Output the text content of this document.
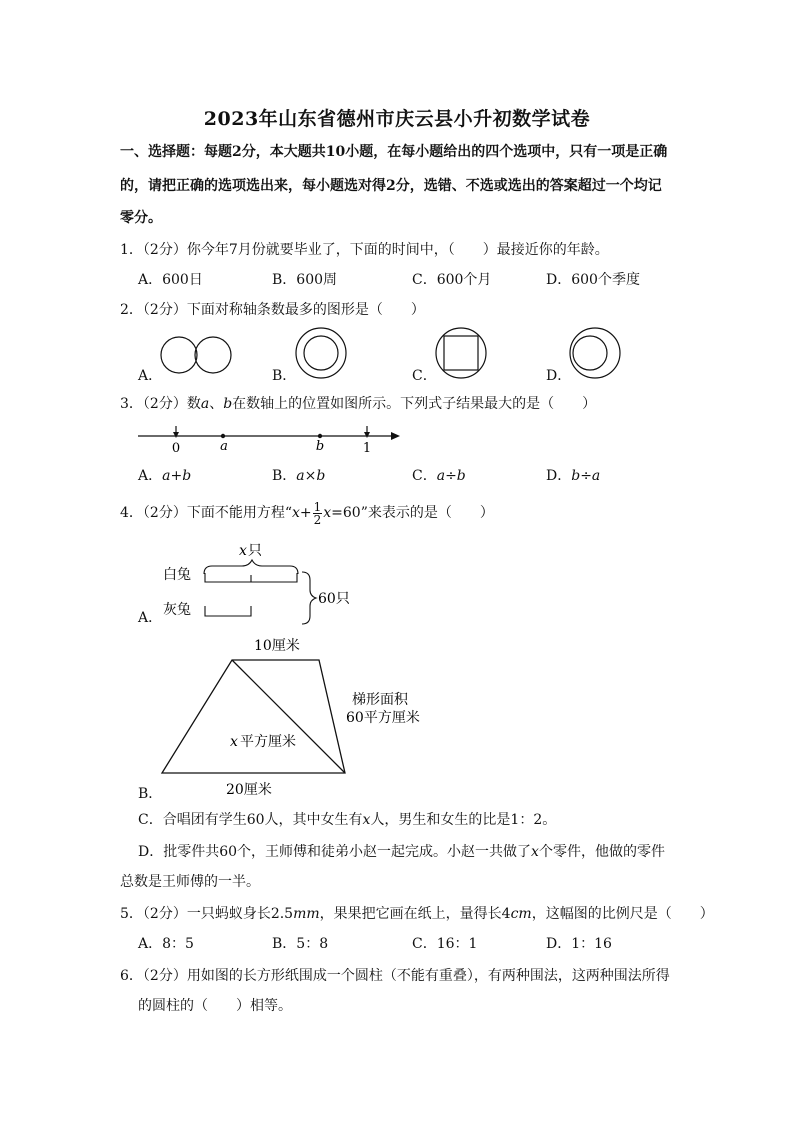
2023年山东省德州市庆云县小升初数学试卷
一、选择题：每题2分，本大题共10小题，在每小题给出的四个选项中，只有一项是正确
的，请把正确的选项选出来，每小题选对得2分，选错、不选或选出的答案超过一个均记
零分。
1．（2分）你今年7月份就要毕业了，下面的时间中，（　　）最接近你的年龄。
A．600日	B．600周	C．600个月	D．600个季度
2．（2分）下面对称轴条数最多的图形是（　　）
A．	B．	C．	D．
3．（2分）数a、b在数轴上的位置如图所示。下列式子结果最大的是（　　）
0	a	b	1
A．a+b	B．a×b	C．a÷b	D．b÷a
4．（2分）下面不能用方程“$x+ \frac{1}{2} x=60$”来表示的是（　　）
x 只
白兔
灰兔
60只
A．
10厘米
x 平方厘米
梯形面积
60平方厘米
20厘米
B．
C．合唱团有学生60人，其中女生有x人，男生和女生的比是1：2。
D．批零件共60个，王师傅和徒弟小赵一起完成。小赵一共做了x个零件，他做的零件
总数是王师傅的一半。
5．（2分）一只蚂蚁身长2.5mm，果果把它画在纸上，量得长4cm，这幅图的比例尺是（　　）
A．8：5	B．5：8	C．16：1	D．1：16
6．（2分）用如图的长方形纸围成一个圆柱（不能有重叠），有两种围法，这两种围法所得
的圆柱的（　　）相等。
